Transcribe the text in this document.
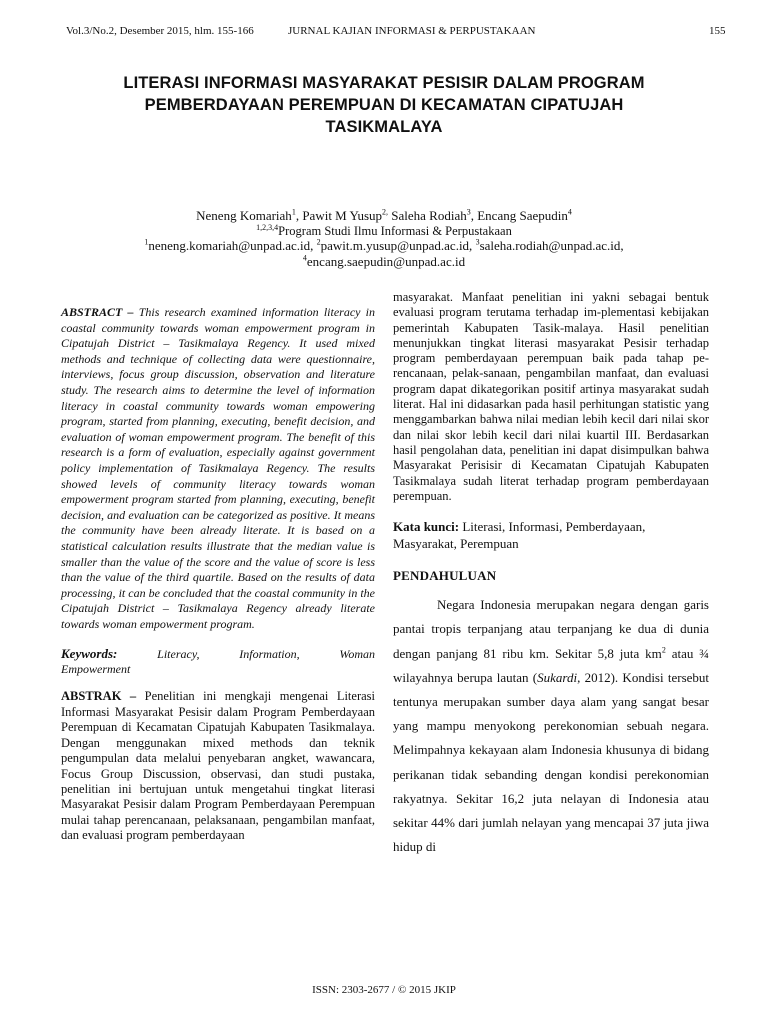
Vol.3/No.2, Desember 2015, hlm. 155-166	JURNAL KAJIAN INFORMASI & PERPUSTAKAAN	155
LITERASI INFORMASI MASYARAKAT PESISIR DALAM PROGRAM
PEMBERDAYAAN PEREMPUAN DI KECAMATAN CIPATUJAH
TASIKMALAYA
Neneng Komariah$^1$, Pawit M Yusup$^{2,}$ Saleha Rodiah$^3$, Encang Saepudin$^4$
$^{1,2,3,4}$Program Studi Ilmu Informasi & Perpustakaan
$^1$neneng.komariah@unpad.ac.id, $^2$pawit.m.yusup@unpad.ac.id, $^3$saleha.rodiah@unpad.ac.id,
$^4$encang.saepudin@unpad.ac.id

ABSTRACT – This research examined information literacy in coastal community towards woman empowerment program in Cipatujah District – Tasikmalaya Regency. It used mixed methods and technique of collecting data were questionnaire, interviews, focus group discussion, observation and literature study. The research aims to determine the level of information literacy in coastal community towards woman empowering program, started from planning, executing, benefit decision, and evaluation of woman empowerment program. The benefit of this research is a form of evaluation, especially against government policy implementation of Tasikmalaya Regency. The results showed levels of community literacy towards woman empowerment program started from planning, executing, benefit decision, and evaluation can be categorized as positive. It means the community have been already literate. It is based on a statistical calculation results illustrate that the median value is smaller than the value of the score and the value of score is less than the value of the third quartile. Based on the results of data processing, it can be concluded that the coastal community in the Cipatujah District – Tasikmalaya Regency already literate towards woman empowerment program.

Keywords: Literacy, Information, Woman
Empowerment
ABSTRAK – Penelitian ini mengkaji mengenai Literasi Informasi Masyarakat Pesisir dalam Program Pemberdayaan Perempuan di Kecamatan Cipatujah Kabupaten Tasikmalaya. Dengan menggunakan mixed methods dan teknik pengumpulan data melalui penyebaran angket, wawancara, Focus Group Discussion, observasi, dan studi pustaka, penelitian ini bertujuan untuk mengetahui tingkat literasi Masyarakat Pesisir dalam Program Pemberdayaan Perempuan mulai tahap perencanaan, pelaksanaan, pengambilan manfaat, dan evaluasi program pemberdayaan

masyarakat. Manfaat penelitian ini yakni sebagai bentuk evaluasi program terutama terhadap im-plementasi kebijakan pemerintah Kabupaten Tasik-malaya. Hasil penelitian menunjukkan tingkat literasi masyarakat Pesisir terhadap program pemberdayaan perempuan baik pada tahap pe-rencanaan, pelak-sanaan, pengambilan manfaat, dan evaluasi program dapat dikategorikan positif artinya masyarakat sudah literat. Hal ini didasarkan pada hasil perhitungan statistic yang menggambarkan bahwa nilai median lebih kecil dari nilai skor dan nilai skor lebih kecil dari nilai kuartil III. Berdasarkan hasil pengolahan data, penelitian ini dapat disimpulkan bahwa Masyarakat Perisisir di Kecamatan Cipatujah Kabupaten Tasikmalaya sudah literat terhadap program pemberdayaan perempuan.

Kata kunci: Literasi, Informasi, Pemberdayaan, Masyarakat, Perempuan
PENDAHULUAN
Negara Indonesia merupakan negara dengan garis pantai tropis terpanjang atau terpanjang ke dua di dunia dengan panjang 81 ribu km. Sekitar 5,8 juta $km^2$ atau ¾ wilayahnya berupa lautan (Sukardi, 2012). Kondisi tersebut tentunya merupakan sumber daya alam yang sangat besar yang mampu menyokong perekonomian sebuah negara. Melimpahnya kekayaan alam Indonesia khusunya di bidang perikanan tidak sebanding dengan kondisi perekonomian rakyatnya. Sekitar 16,2 juta nelayan di Indonesia atau sekitar 44% dari jumlah nelayan yang mencapai 37 juta jiwa hidup di
ISSN: 2303-2677 / © 2015 JKIP
